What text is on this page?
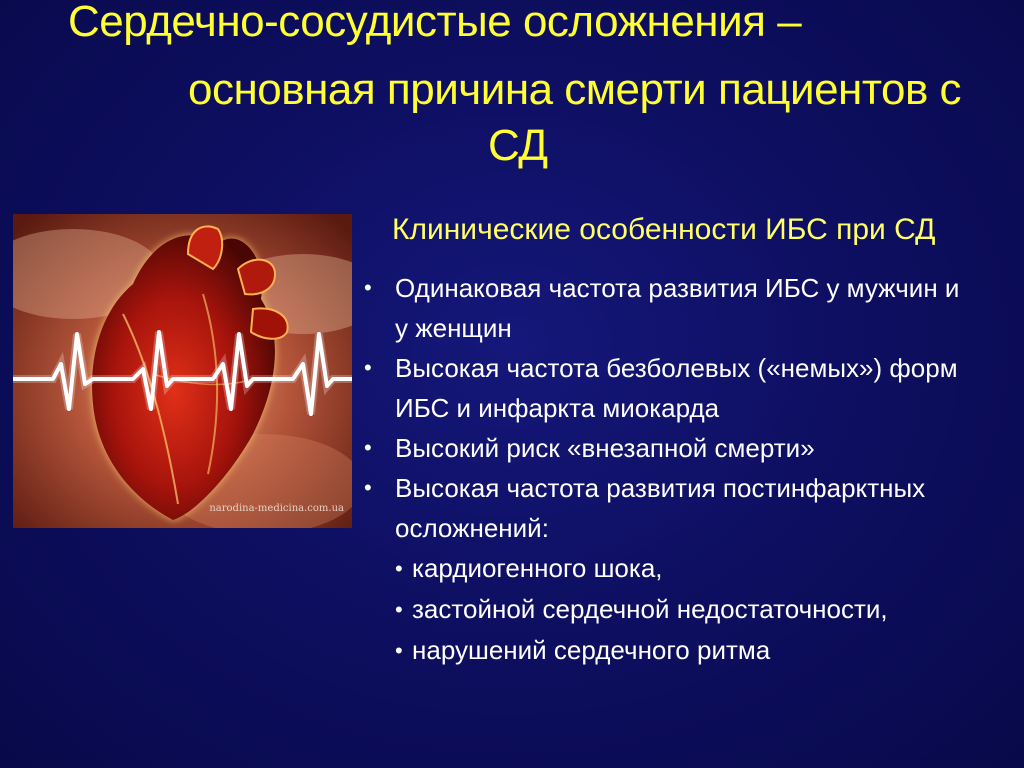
Сердечно-сосудистые осложнения –
основная причина смерти пациентов с
СД
narodina-medicina.com.ua
Клинические особенности ИБС при СД
• Одинаковая частота развития ИБС у мужчин и
у женщин
• Высокая частота безболевых («немых») форм
ИБС и инфаркта миокарда
• Высокий риск «внезапной смерти»
• Высокая частота развития постинфарктных
осложнений:
• кардиогенного шока,
• застойной сердечной недостаточности,
• нарушений сердечного ритма
